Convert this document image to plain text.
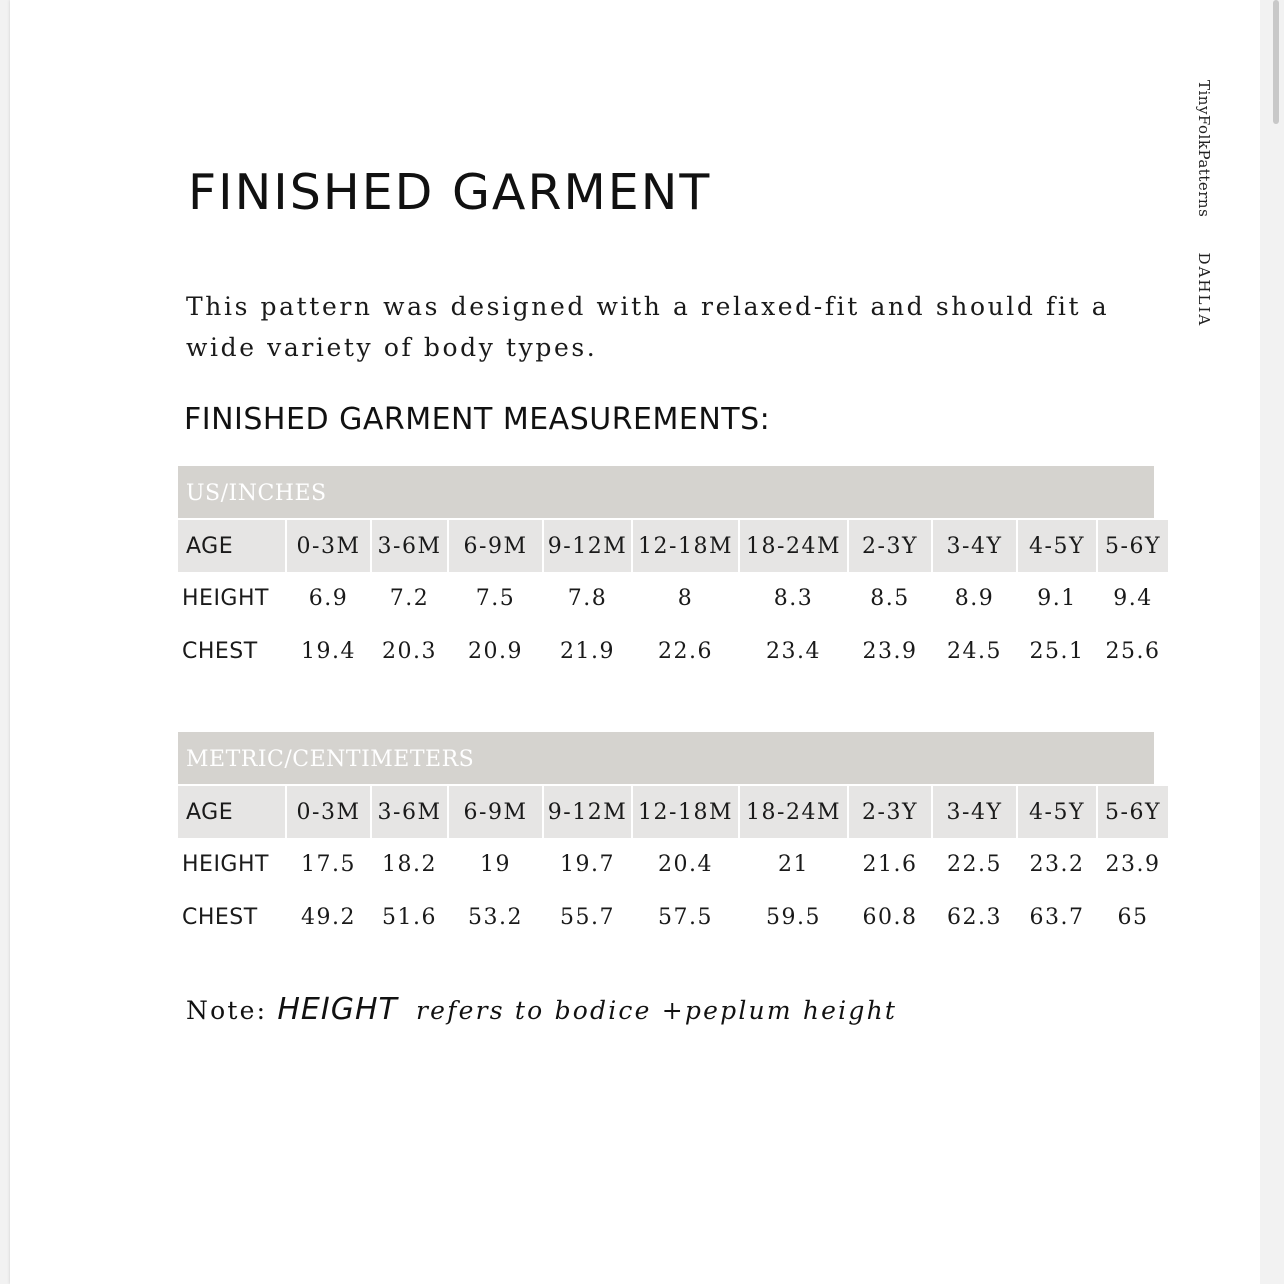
FINISHED GARMENT

This pattern was designed with a relaxed-fit and should fit a wide variety of body types.

FINISHED GARMENT MEASUREMENTS:
TinyFolkPatterns DAHLIA
US/INCHES
AGE	0-3M 3-6M	6-9M 9-12M 12-18M 18-24M 2-3Y	3-4Y	4-5Y 5-6Y
HEIGHT	6.9	7.2	7.5	7.8	8	8.3	8.5	8.9	9.1	9.4
CHEST	19.4	20.3	20.9	21.9	22.6	23.4	23.9	24.5	25.1 25.6
METRIC/CENTIMETERS
AGE	0-3M 3-6M	6-9M 9-12M 12-18M 18-24M 2-3Y	3-4Y	4-5Y 5-6Y
HEIGHT	17.5	18.2	19	19.7	20.4	21	21.6	22.5	23.2 23.9
CHEST	49.2	51.6	53.2	55.7	57.5	59.5	60.8	62.3	63.7	65

Note: HEIGHT refers to bodice +peplum height
